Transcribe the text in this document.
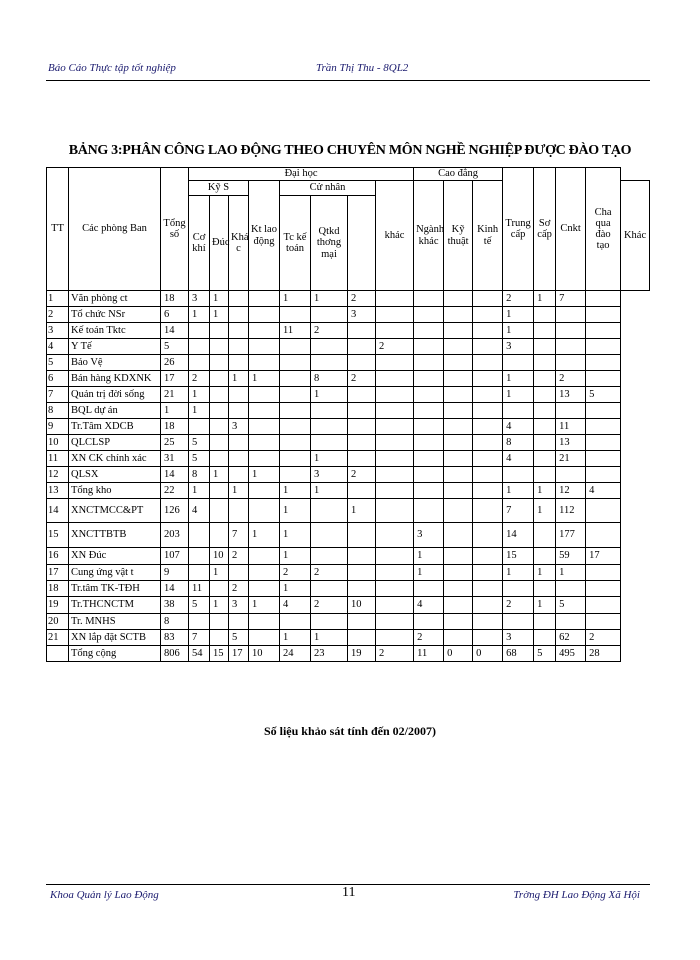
Báo Cáo Thực tập tốt nghiệp	Trần Thị Thu - 8QL2
BẢNG 3:PHÂN CÔNG LAO ĐỘNG THEO CHUYÊN MÔN NGHỀ NGHIỆP ĐƯỢC ĐÀO TẠO
TT	Các phòng Ban	Tổng số	Đại học								Cao đẳng			Trung cấp	Sơ cấp	Cnkt	Cha qua đào tạo	
			Kỹ S			Kt lao động	Cử nhân			khác	Ngành khác	Kỹ thuật	Kinh tế					Khác
			Cơ khí	Đúc	Khá c		Tc kế toán	Qtkd thơng mại										
1	Văn phòng ct	18	3	1			1	1	2					2	1	7		
2	Tổ chức NSr	6	1	1					3					1				
3	Kế toán Tktc	14					11	2						1				
4	Y Tế	5								2				3				
5	Bảo Vệ	26																
6	Bán hàng KDXNK	17	2		1	1		8	2					1		2		
7	Quản trị đời sống	21	1					1						1		13	5	
8	BQL dự án	1	1															
9	Tr.Tâm XDCB	18			3									4		11		
10	QLCLSP	25	5											8		13		
11	XN CK chính xác	31	5					1						4		21		
12	QLSX	14	8	1		1		3	2									
13	Tổng kho	22	1		1		1	1						1	1	12	4	
14	XNCTMCC&PT	126	4				1		1					7	1	112		
15	XNCTTBTB	203			7	1	1				3			14		177		
16	XN Đúc	107		10	2		1				1			15		59	17	
17	Cung ứng vật t	9		1			2	2			1			1	1	1		
18	Tr.tâm TK-TĐH	14	11		2		1											
19	Tr.THCNCTM	38	5	1	3	1	4	2	10		4			2	1	5		
20	Tr. MNHS	8																
21	XN lắp đặt SCTB	83	7		5		1	1			2			3		62	2	
	Tổng cộng	806	54	15	17	10	24	23	19	2	11	0	0	68	5	495	28	
Số liệu khảo sát tính đến 02/2007)
Khoa Quản lý Lao Động	11	Trờng ĐH Lao Động Xã Hội
